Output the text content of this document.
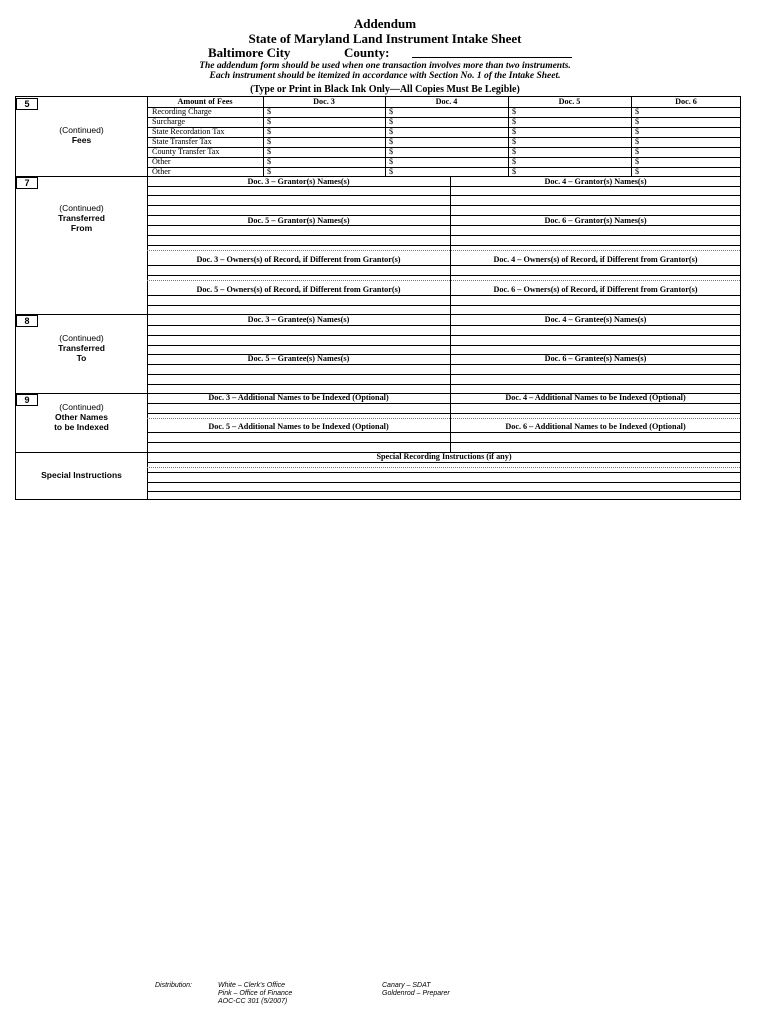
Addendum
State of Maryland Land Instrument Intake Sheet
Baltimore City	County:
The addendum form should be used when one transaction involves more than two instruments.
Each instrument should be itemized in accordance with Section No. 1 of the Intake Sheet.
(Type or Print in Black Ink Only—All Copies Must Be Legible)
5
(Continued)
Fees
Amount of Fees	Doc. 3	Doc. 4	Doc. 5	Doc. 6
Recording Charge	$	$	$	$
Surcharge	$	$	$	$
State Recordation Tax	$	$	$	$
State Transfer Tax	$	$	$	$
County Transfer Tax	$	$	$	$
Other	$	$	$	$
Other	$	$	$	$
7
(Continued)
Transferred
From
Doc. 3 – Grantor(s) Names(s)	Doc. 4 – Grantor(s) Names(s)
Doc. 5 – Grantor(s) Names(s)	Doc. 6 – Grantor(s) Names(s)
Doc. 3 – Owners(s) of Record, if Different from Grantor(s)	Doc. 4 – Owners(s) of Record, if Different from Grantor(s)
Doc. 5 – Owners(s) of Record, if Different from Grantor(s)	Doc. 6 – Owners(s) of Record, if Different from Grantor(s)
8
(Continued)
Transferred
To
Doc. 3 – Grantee(s) Names(s)	Doc. 4 – Grantee(s) Names(s)
Doc. 5 – Grantee(s) Names(s)	Doc. 6 – Grantee(s) Names(s)
9
(Continued)
Other Names
to be Indexed
Doc. 3 – Additional Names to be Indexed (Optional)	Doc. 4 – Additional Names to be Indexed (Optional)
Doc. 5 – Additional Names to be Indexed (Optional)	Doc. 6 – Additional Names to be Indexed (Optional)
Special Instructions
Special Recording Instructions (if any)
Distribution:	White – Clerk's Office
Pink – Office of Finance
AOC-CC 301 (5/2007)
Canary – SDAT
Goldenrod – Preparer
